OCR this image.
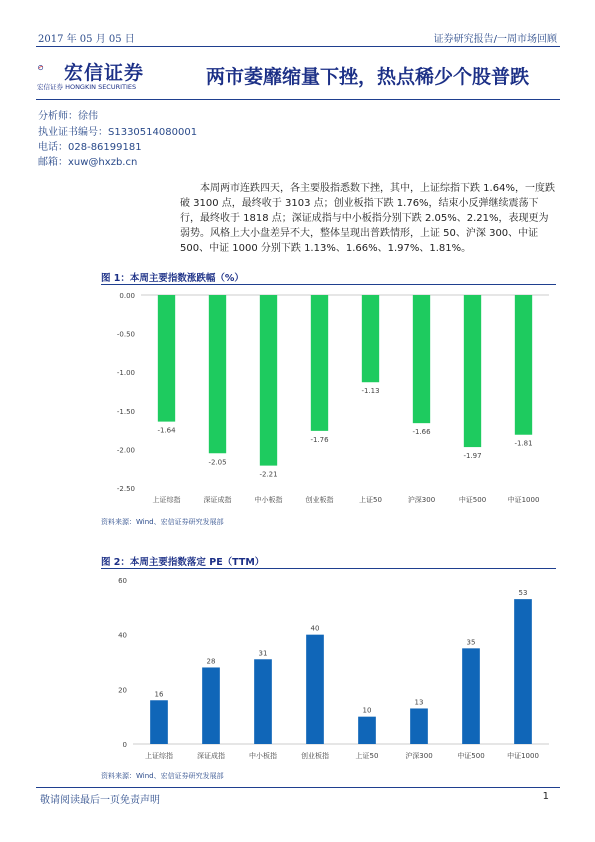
2017 年 05 月 05 日	证券研究报告/一周市场回顾
宏信证券
宏信证券 HONGKIN SECURITIES	两市萎靡缩量下挫，热点稀少个股普跌
分析师：徐伟
执业证书编号：S1330514080001
电话：028-86199181
邮箱：xuw@hxzb.cn
本周两市连跌四天，各主要股指悉数下挫，其中，上证综指下跌 1.64%，一度跌破 3100 点，最终收于 3103 点；创业板指下跌 1.76%，结束小反弹继续震荡下行，最终收于 1818 点；深证成指与中小板指分别下跌 2.05%、2.21%，表现更为弱势。风格上大小盘差异不大，整体呈现出普跌情形，上证 50、沪深 300、中证 500、中证 1000 分别下跌 1.13%、1.66%、1.97%、1.81%。
图 1：本周主要指数涨跌幅（%）
0.00
-0.50
-1.00
-1.50
-2.00
-2.50
-1.64
上证综指
-2.05
深证成指
-2.21
中小板指
-1.76
创业板指
-1.13
上证50
-1.66
沪深300
-1.97
中证500
-1.81
中证1000
资料来源：Wind、宏信证券研究发展部
图 2：本周主要指数落定 PE（TTM）
0
20
40
60
16
上证综指
28
深证成指
31
中小板指
40
创业板指
10
上证50
13
沪深300
35
中证500
53
中证1000
资料来源：Wind、宏信证券研究发展部
敬请阅读最后一页免责声明	1
